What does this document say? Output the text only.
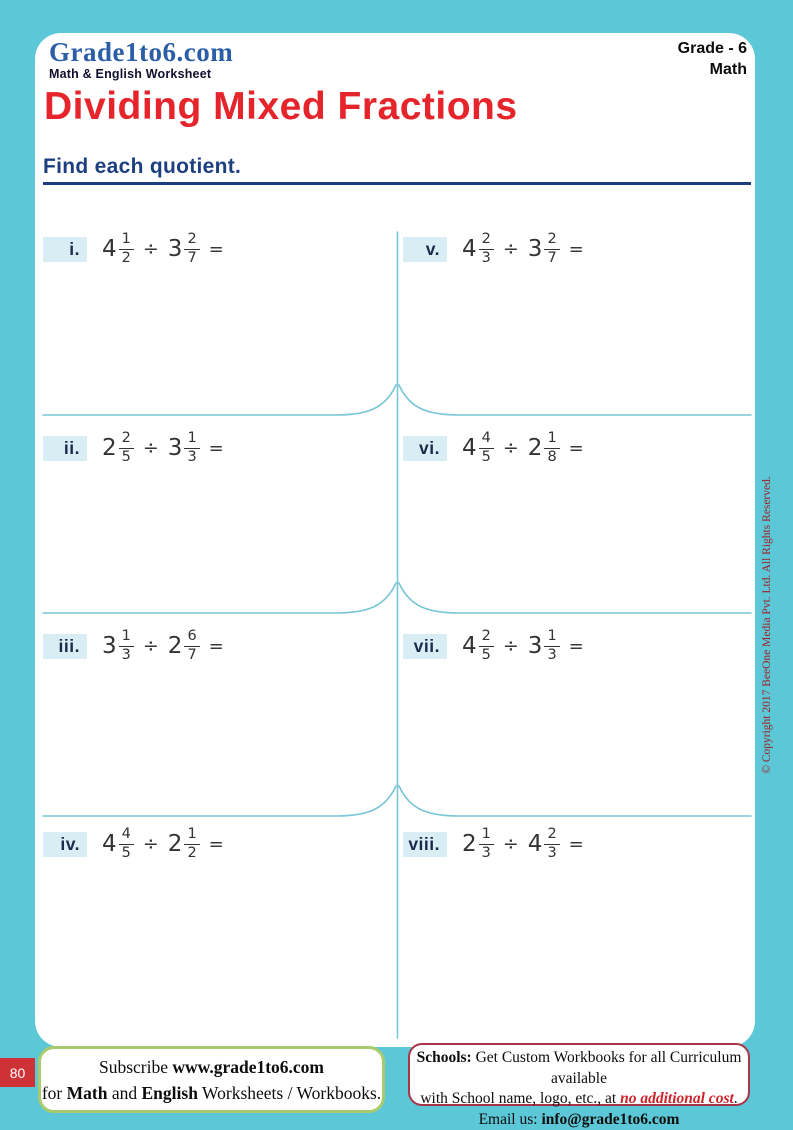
Grade1to6.com
Math & English Worksheet
Grade - 6
Math
Dividing Mixed Fractions
Find each quotient.
i. $4 \frac{1}{2} \div 3 \frac{2}{7}$ =
ii. $2 \frac{2}{5} \div 3 \frac{1}{3}$ =
iii. $3 \frac{1}{3} \div 2 \frac{6}{7}$ =
iv. $4 \frac{4}{5} \div 2 \frac{1}{2}$ =
v. $4 \frac{2}{3} \div 3 \frac{2}{7}$ =
vi. $4 \frac{4}{5} \div 2 \frac{1}{8}$ =
vii. $4 \frac{2}{5} \div 3 \frac{1}{3}$ =
viii. $2 \frac{1}{3} \div 4 \frac{2}{3}$ =
© Copyright 2017 BeeOne Media Pvt. Ltd. All Rights Reserved.
80	Subscribe www.grade1to6.com
for Math and English Worksheets / Workbooks.
Schools: Get Custom Workbooks for all Curriculum available
with School name, logo, etc., at no additional cost.
Email us: info@grade1to6.com
